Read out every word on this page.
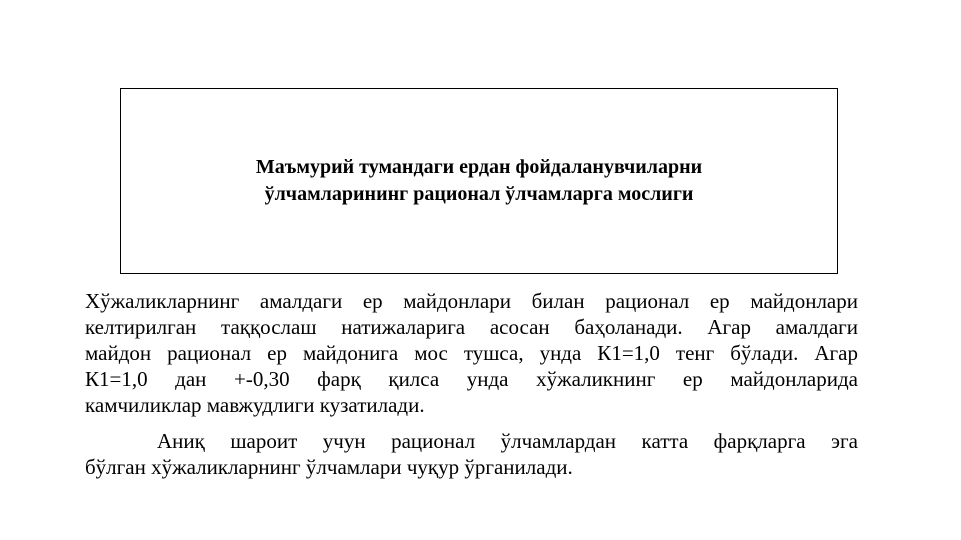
Маъмурий тумандаги ердан фойдаланувчиларни
ўлчамларининг рационал ўлчамларга мослиги
Хўжаликларнинг амалдаги ер майдонлари билан рационал ер майдонлари
келтирилган таққослаш натижаларига асосан баҳоланади. Агар амалдаги
майдон рационал ер майдонига мос тушса, унда К1=1,0 тенг бўлади. Агар
К1=1,0 дан +-0,30 фарқ қилса унда хўжаликнинг ер майдонларида
камчиликлар мавжудлиги кузатилади.
Аниқ шароит учун рационал ўлчамлардан катта фарқларга эга
бўлган хўжаликларнинг ўлчамлари чуқур ўрганилади.
